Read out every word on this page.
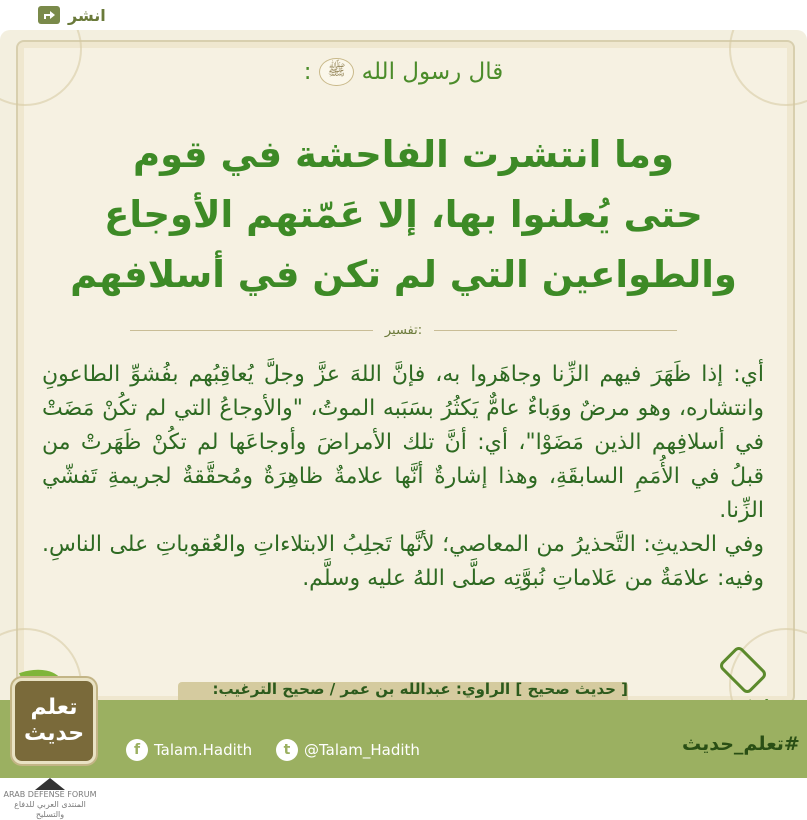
انشر
قال رسول الله
ﷺ
:
وما انتشرت الفاحشة في قوم
حتى يُعلنوا بها، إلا عَمّتهم الأوجاع
والطواعين التي لم تكن في أسلافهم
تفسير:

أي: إذا ظَهَرَ فيهم الزِّنا وجاهَروا به، فإنَّ اللهَ عزَّ وجلَّ يُعاقِبُهم بفُشوِّ الطاعونِ وانتشاره، وهو مرضٌ ووَباءٌ عامٌّ يَكثُرُ بسَبَبه الموتُ، "والأوجاعُ التي لم تكُنْ مَضَتْ في أسلافِهم الذين مَضَوْا"، أي: أنَّ تلك الأمراضَ وأوجاعَها لم تكُنْ ظَهَرتْ من قبلُ في الأُمَمِ السابقَةِ، وهذا إشارةٌ أنَّها علامةٌ ظاهِرَةٌ ومُحقَّقةٌ لجريمةِ تَفشّي الزِّنا.

وفي الحديثِ: التَّحذيرُ من المعاصي؛ لأنَّها تَجلِبُ الابتلاءاتِ والعُقوباتِ على الناسِ. وفيه: علامَةٌ من عَلاماتِ نُبوَّتِه صلَّى اللهُ عليه وسلَّم.

[ حديث صحيح ] الراوي: عبدالله بن عمر / صحيح الترغيب:
f Talam.Hadith	t @Talam_Hadith	#تعلم_حديث
تعلم
حديث
ARAB DEFENSE FORUM
المنتدى العربي للدفاع والتسليح
